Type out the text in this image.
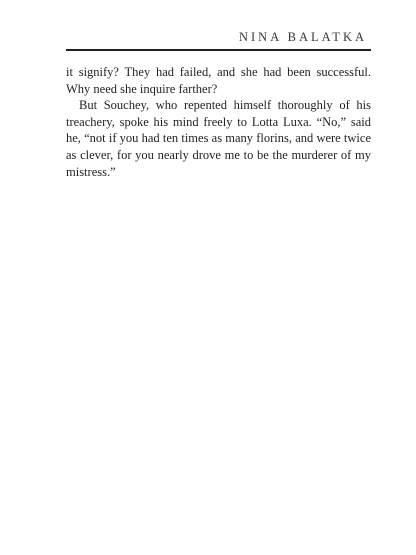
NINA BALATKA

it signify? They had failed, and she had been successful. Why need she inquire farther?

But Souchey, who repented himself thoroughly of his treachery, spoke his mind freely to Lotta Luxa. “No,” said he, “not if you had ten times as many florins, and were twice as clever, for you nearly drove me to be the murderer of my mistress.”
